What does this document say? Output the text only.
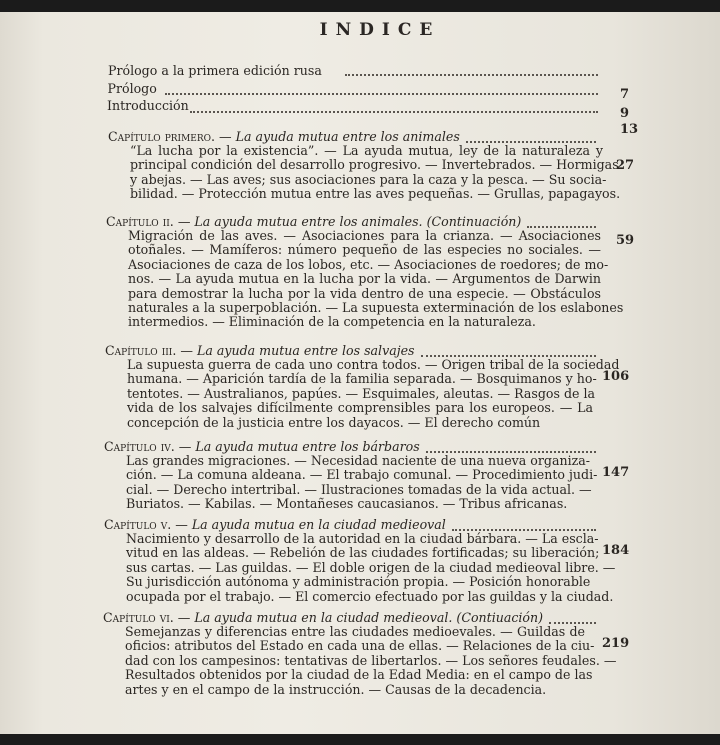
INDICE
Prólogo a la primera edición rusa
7
Prólogo
9
Introducción
13
Capítulo primero. — La ayuda mutua entre los animales
27
“La lucha por la existencia”. — La ayuda mutua, ley de la naturaleza y
principal condición del desarrollo progresivo. — Invertebrados. — Hormigas
y abejas. — Las aves; sus asociaciones para la caza y la pesca. — Su socia-
bilidad. — Protección mutua entre las aves pequeñas. — Grullas, papagayos.
Capítulo ii. — La ayuda mutua entre los animales. (Continuación)
59
Migración de las aves. — Asociaciones para la crianza. — Asociaciones
otoñales. — Mamíferos: número pequeño de las especies no sociales. —
Asociaciones de caza de los lobos, etc. — Asociaciones de roedores; de mo-
nos. — La ayuda mutua en la lucha por la vida. — Argumentos de Darwin
para demostrar la lucha por la vida dentro de una especie. — Obstáculos
naturales a la superpoblación. — La supuesta exterminación de los eslabones
intermedios. — Eliminación de la competencia en la naturaleza.
Capítulo iii. — La ayuda mutua entre los salvajes
106
La supuesta guerra de cada uno contra todos. — Origen tribal de la sociedad
humana. — Aparición tardía de la familia separada. — Bosquimanos y ho-
tentotes. — Australianos, papúes. — Esquimales, aleutas. — Rasgos de la
vida de los salvajes difícilmente comprensibles para los europeos. — La
concepción de la justicia entre los dayacos. — El derecho común
Capítulo iv. — La ayuda mutua entre los bárbaros
147
Las grandes migraciones. — Necesidad naciente de una nueva organiza-
ción. — La comuna aldeana. — El trabajo comunal. — Procedimiento judi-
cial. — Derecho intertribal. — Ilustraciones tomadas de la vida actual. —
Buriatos. — Kabilas. — Montañeses caucasianos. — Tribus africanas.
Capítulo v. — La ayuda mutua en la ciudad medieoval
184
Nacimiento y desarrollo de la autoridad en la ciudad bárbara. — La escla-
vitud en las aldeas. — Rebelión de las ciudades fortificadas; su liberación;
sus cartas. — Las guildas. — El doble origen de la ciudad medieoval libre. —
Su jurisdicción autónoma y administración propia. — Posición honorable
ocupada por el trabajo. — El comercio efectuado por las guildas y la ciudad.
Capítulo vi. — La ayuda mutua en la ciudad medieoval. (Contiuación)
219
Semejanzas y diferencias entre las ciudades medioevales. — Guildas de
oficios: atributos del Estado en cada una de ellas. — Relaciones de la ciu-
dad con los campesinos: tentativas de libertarlos. — Los señores feudales. —
Resultados obtenidos por la ciudad de la Edad Media: en el campo de las
artes y en el campo de la instrucción. — Causas de la decadencia.
